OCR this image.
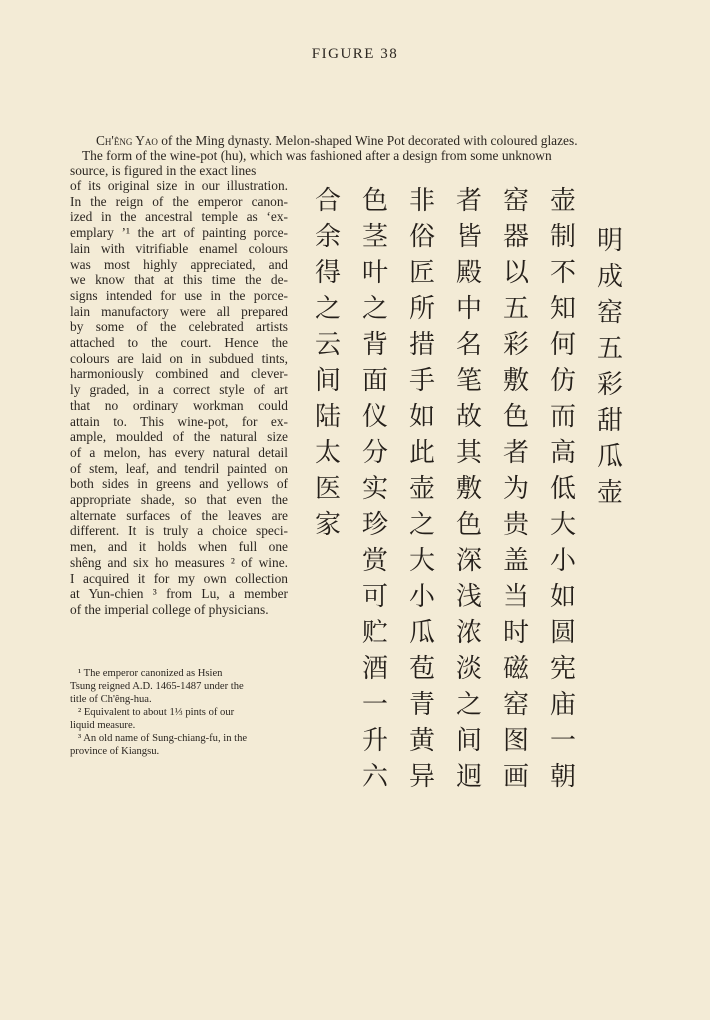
FIGURE 38
Ch'êng Yao of the Ming dynasty. Melon-shaped Wine Pot decorated with coloured glazes.
The form of the wine-pot (hu), which was fashioned after a design from some unknown
source, is figured in the exact lines
of its original size in our illustration.
In the reign of the emperor canon-
ized in the ancestral temple as ‘ex-
emplary ’¹ the art of painting porce-
lain with vitrifiable enamel colours
was most highly appreciated, and
we know that at this time the de-
signs intended for use in the porce-
lain manufactory were all prepared
by some of the celebrated artists
attached to the court. Hence the
colours are laid on in subdued tints,
harmoniously combined and clever-
ly graded, in a correct style of art
that no ordinary workman could
attain to. This wine-pot, for ex-
ample, moulded of the natural size
of a melon, has every natural detail
of stem, leaf, and tendril painted on
both sides in greens and yellows of
appropriate shade, so that even the
alternate surfaces of the leaves are
different. It is truly a choice speci-
men, and it holds when full one
shêng and six ho measures ² of wine.
I acquired it for my own collection
at Yun-chien ³ from Lu, a member
of the imperial college of physicians.
¹ The emperor canonized as Hsien
Tsung reigned A.D. 1465-1487 under the
title of Ch'êng-hua.
² Equivalent to about 1⅓ pints of our
liquid measure.
³ An old name of Sung-chiang-fu, in the
province of Kiangsu.
明
成
窑
五
彩
甜
瓜
壶
壶
制
不
知
何
仿
而
高
低
大
小
如
圆
宪
庙
一
朝
窑
器
以
五
彩
敷
色
者
为
贵
盖
当
时
磁
窑
图
画
者
皆
殿
中
名
笔
故
其
敷
色
深
浅
浓
淡
之
间
迥
非
俗
匠
所
措
手
如
此
壶
之
大
小
瓜
苞
青
黄
异
色
茎
叶
之
背
面
仪
分
实
珍
赏
可
贮
酒
一
升
六
合
余
得
之
云
间
陆
太
医
家
